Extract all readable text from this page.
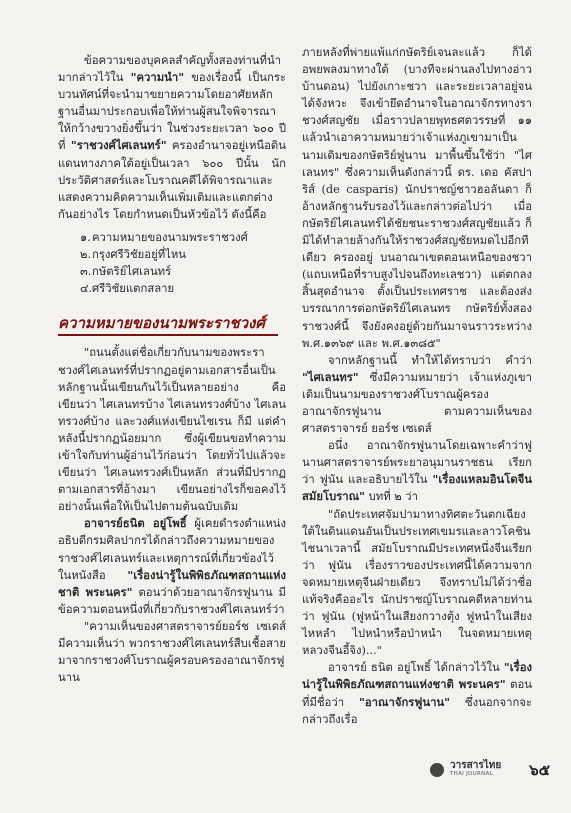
ข้อความของบุคคลสำคัญทั้งสองท่านที่นำมากล่าวไว้ใน "ความนำ" ของเรื่องนี้ เป็นกระบวนทัศน์ที่จะนำมาขยายความโดยอาศัยหลักฐานอื่นมาประกอบเพื่อให้ท่านผู้สนใจพิจารณาให้กว้างขวางยิ่งขึ้นว่า ในช่วงระยะเวลา ๖๐๐ ปีที่ "ราชวงศ์ไศเลนทร์" ครองอำนาจอยู่เหนือดินแดนทางภาคใต้อยู่เป็นเวลา ๖๐๐ ปีนั้น นักประวัติศาสตร์และโบราณคดีได้พิจารณาและแสดงความคิดความเห็นเพิ่มเติมและแตกต่างกันอย่างไร โดยกำหนดเป็นหัวข้อไว้ ดังนี้คือ

๑. ความหมายของนามพระราชวงศ์
๒. กรุงศรีวิชัยอยู่ที่ไหน
๓. กษัตริย์ไศเลนทร์
๔. ศรีวิชัยแตกสลาย
ความหมายของนามพระราชวงศ์

"ถนนตั้งแต่ชื่อเกี่ยวกับนามของพระราชวงศ์ไศเลนทร์ที่ปรากฏอยู่ตามเอกสารอื่นเป็นหลักฐานนั้นเขียนกันไว้เป็นหลายอย่าง คือ เขียนว่า ไศเลนทรบ้าง ไศเลนทรวงศ์บ้าง ไศเลนทรวงศ์บ้าง และวงศ์แห่งเขียนไชเรน ก็มี แต่คำหลังนี้ปรากฏน้อยมาก ซึ่งผู้เขียนขอทำความเข้าใจกับท่านผู้อ่านไว้ก่อนว่า โดยทั่วไปแล้วจะเขียนว่า ไศเลนทรวงศ์เป็นหลัก ส่วนที่มีปรากฏตามเอกสารที่อ้างมา เขียนอย่างไรก็ขอคงไว้อย่างนั้นเพื่อให้เป็นไปตามต้นฉบับเดิม

อาจารย์ธนิต อยู่โพธิ์ ผู้เคยดำรงตำแหน่งอธิบดีกรมศิลปากรได้กล่าวถึงความหมายของราชวงศ์ไศเลนทร์และเหตุการณ์ที่เกี่ยวข้องไว้ในหนังสือ "เรื่องน่ารู้ในพิพิธภัณฑสถานแห่งชาติ พระนคร" ตอนว่าด้วยอาณาจักรฟูนาน มีข้อความตอนหนึ่งที่เกี่ยวกับราชวงศ์ไศเลนทร์ว่า

"ความเห็นของศาสตราจารย์ยอร์ช เซเดส์ มีความเห็นว่า พวกราชวงศ์ไศเลนทร์สืบเชื้อสายมาจากราชวงศ์โบราณผู้ครอบครองอาณาจักรฟูนาน

ภายหลังที่พ่ายแพ้แก่กษัตริย์เจนละแล้ว ก็ได้อพยพลงมาทางใต้ (บางทีจะผ่านลงไปทางอ่าวบ้านดอน) ไปยังเกาะชวา และระยะเวลาอยู่จนได้จังหวะ จึงเข้ายึดอำนาจในอาณาจักรทางราชวงศ์สญชัย เมื่อราวปลายพุทธศตวรรษที่ ๑๑ แล้วนำเอาความหมายว่าเจ้าแห่งภูเขามาเป็นนามเดิมของกษัตริย์ฟูนาน มาพื้นขึ้นใช้ว่า "ไศเลนทร" ซึ่งความเห็นดังกล่าวนี้ ดร. เดอ คัสปาริส์ (de casparis) นักปราชญ์ชาวฮอลันดา ก็อ้างหลักฐานรับรองไว้และกล่าวต่อไปว่า เมื่อกษัตริย์ไศเลนทร์ได้ชัยชนะราชวงศ์สญชัยแล้ว ก็มิได้ทำลายล้างกันให้ราชวงศ์สญชัยหมดไปอีกทีเดียว ครองอยู่ บนอาณาเขตตอนเหนือของชวา (แถบเหนือที่ราบสูงไปจนถึงทะเลชวา) แต่ตกลงสิ้นสุดอำนาจ ตั้งเป็นประเทศราช และต้องส่งบรรณาการต่อกษัตริย์ไศเลนทร กษัตริย์ทั้งสองราชวงศ์นี้ จึงยังคงอยู่ด้วยกันมาจนราวระหว่าง พ.ศ.๑๓๖๙ และ พ.ศ.๑๓๘๕"

จากหลักฐานนี้ ทำให้ได้ทราบว่า คำว่า "ไศเลนทร" ซึ่งมีความหมายว่า เจ้าแห่งภูเขา เดิมเป็นนามของราชวงศ์โบราณผู้ครองอาณาจักรฟูนาน ตามความเห็นของศาสตราจารย์ ยอร์ช เซเดส์

อนึ่ง อาณาจักรฟูนานโดยเฉพาะคำว่าฟูนานศาสตราจารย์พระยาอนุมานราชธน เรียกว่า ฟูนัน และอธิบายไว้ใน "เรื่องแหลมอินโดจีนสมัยโบราณ" บทที่ ๒ ว่า

"ถัดประเทศจัมปามาทางทิศตะวันตกเฉียงใต้ในดินแดนอันเป็นประเทศเขมรและลาวโคชินไชนาเวลานี้ สมัยโบราณมีประเทศหนึ่งจีนเรียกว่า ฟูนัน เรื่องราวของประเทศนี้ได้ความจากจดหมายเหตุจีนฝ่ายเดียว จึงทราบไม่ได้ว่าชื่อแท้จริงคืออะไร นักปราชญ์โบราณคดีหลายท่านว่า ฟูนัน (ฟูหน้าในเสียงกวางตุ้ง ฟูหนำในเสียงไหหลำ ไปหนำหรือป่าหนำ ในจดหมายเหตุหลวงจีนอี้จิง)..."

อาจารย์ ธนิต อยู่โพธิ์ ได้กล่าวไว้ใน "เรื่องน่ารู้ในพิพิธภัณฑสถานแห่งชาติ พระนคร" ตอนที่มีชื่อว่า "อาณาจักรฟูนาน" ซึ่งนอกจากจะกล่าวถึงเรื่อ

วารสารไทย
THAI JOURNAL	๖๕
